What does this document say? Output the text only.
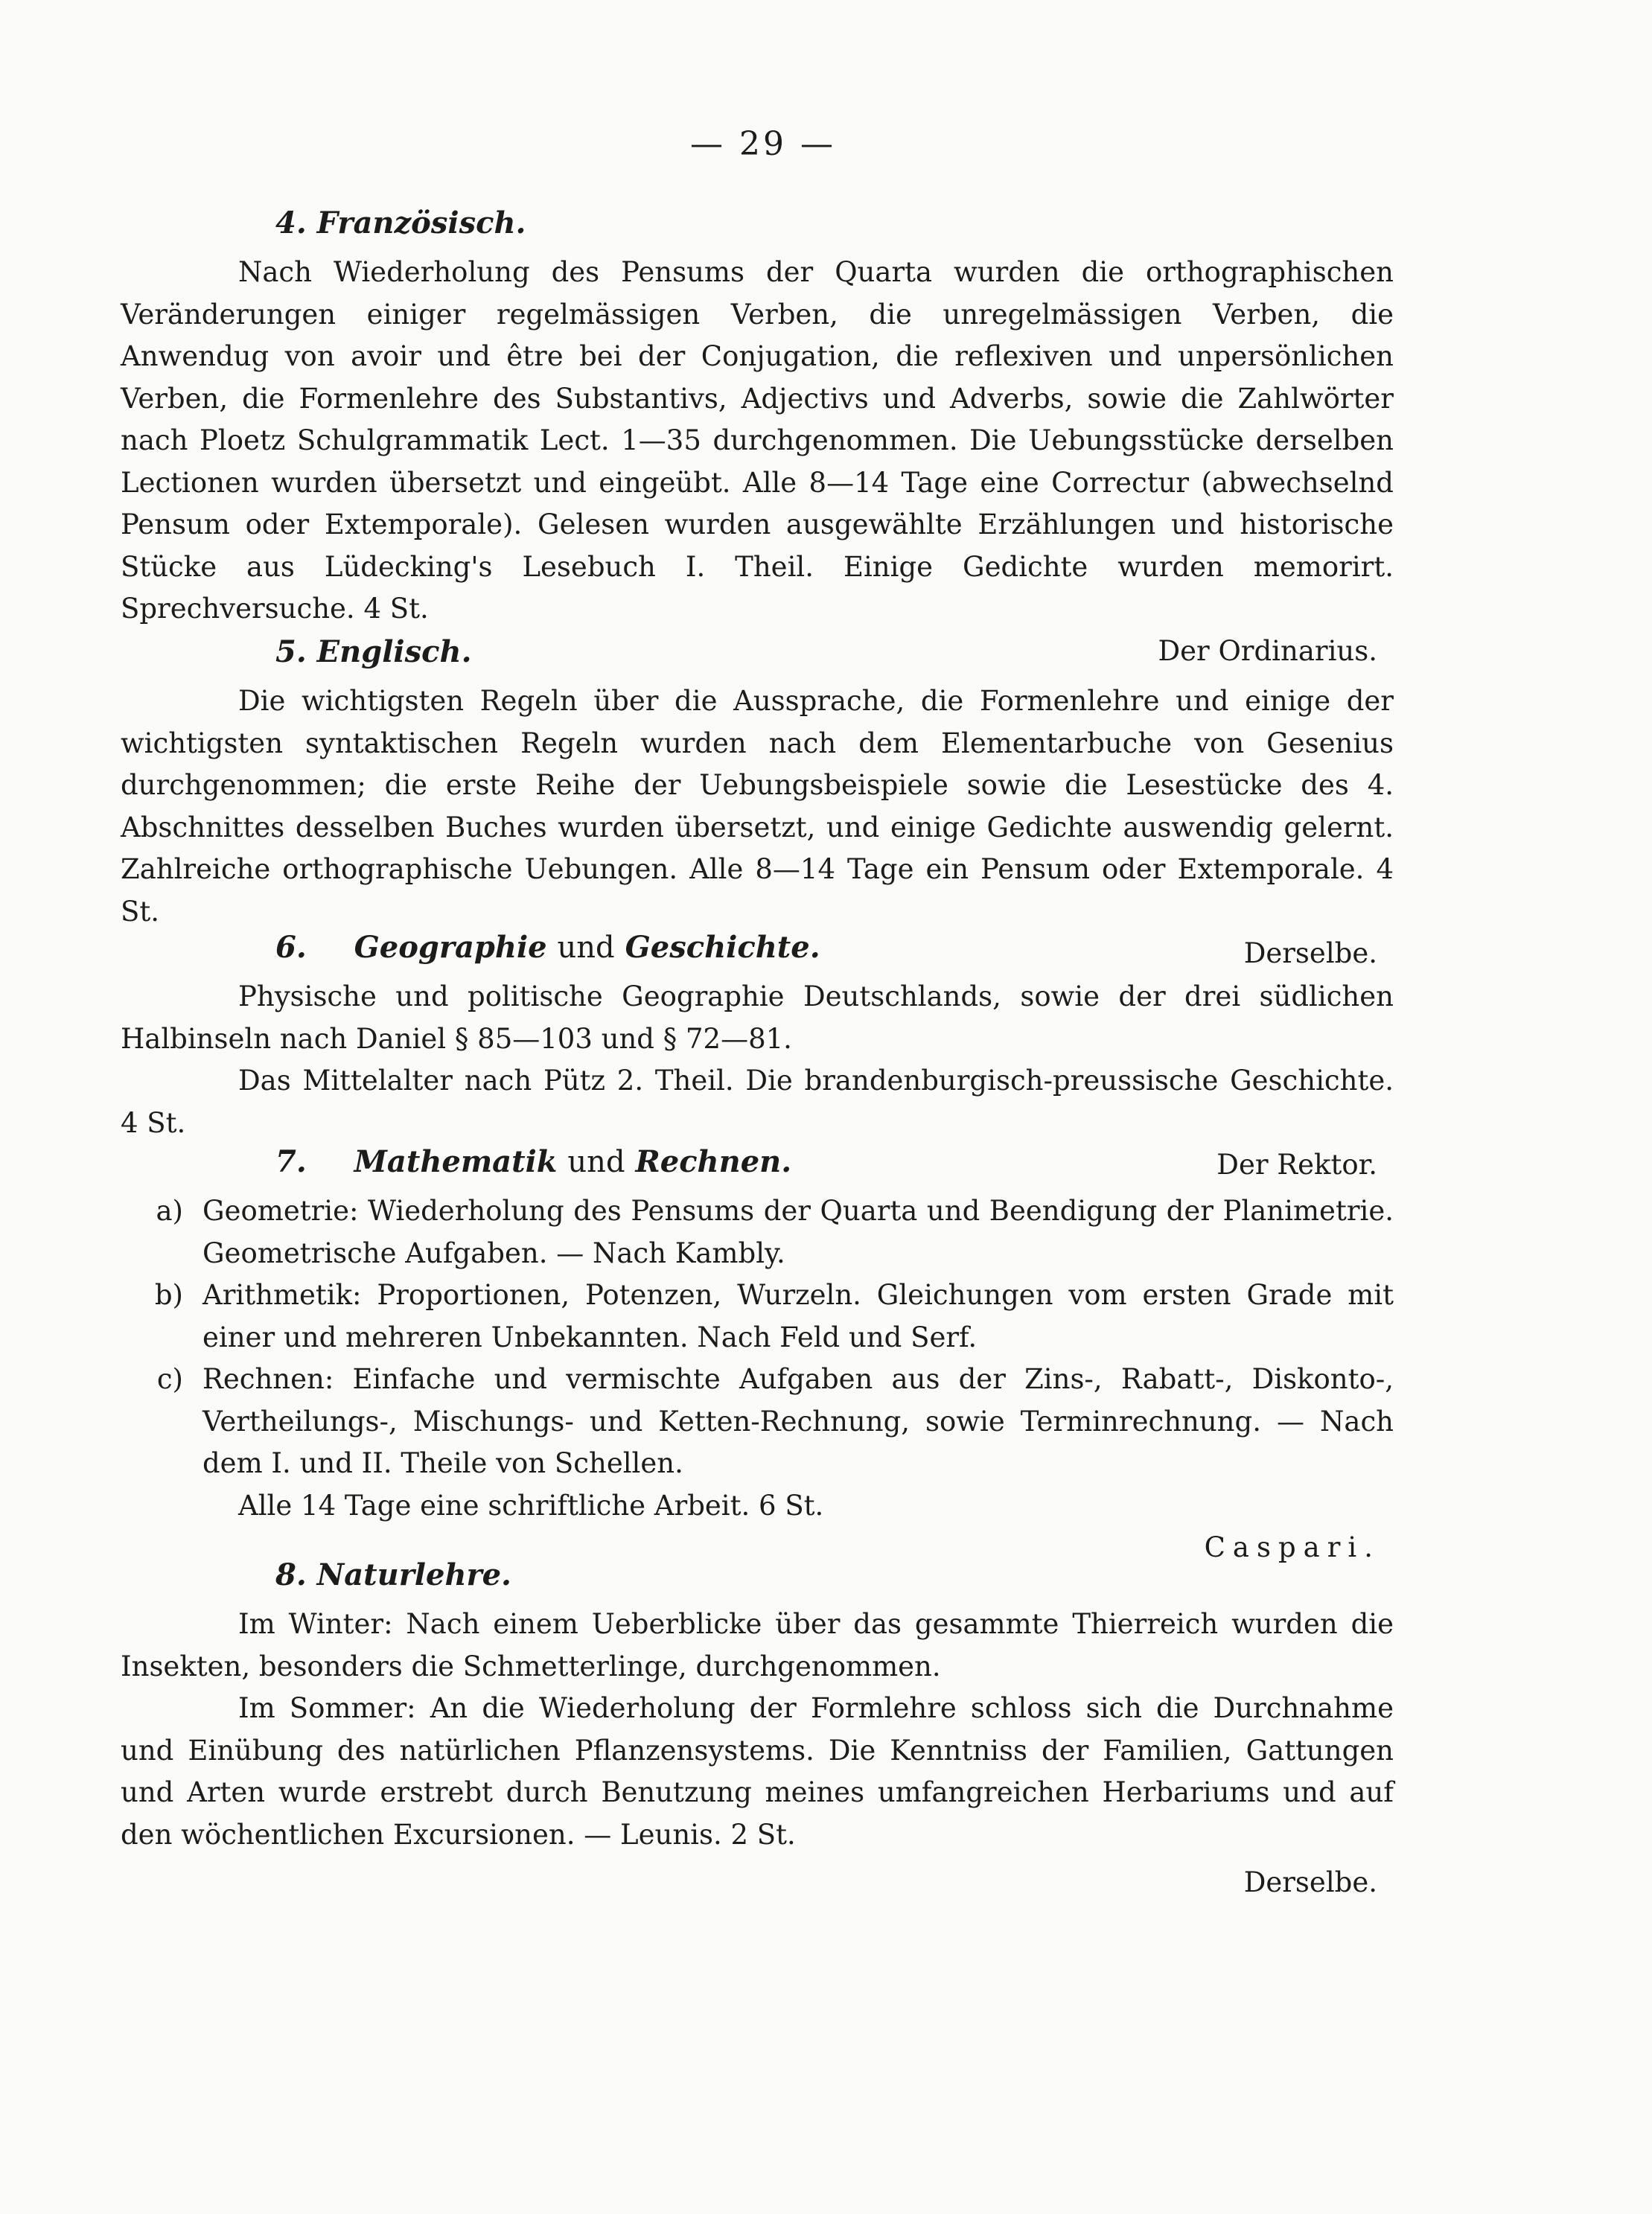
— 29 —
4. Französisch.

Nach Wiederholung des Pensums der Quarta wurden die orthographischen Veränderungen einiger regelmässigen Verben, die unregelmässigen Verben, die Anwendug von avoir und être bei der Conjugation, die reflexiven und unpersönlichen Verben, die Formenlehre des Substantivs, Adjectivs und Adverbs, sowie die Zahlwörter nach Ploetz Schulgrammatik Lect. 1—35 durchgenommen. Die Uebungsstücke derselben Lectionen wurden übersetzt und eingeübt. Alle 8—14 Tage eine Correctur (abwechselnd Pensum oder Extemporale). Gelesen wurden ausgewählte Erzählungen und historische Stücke aus Lüdecking's Lesebuch I. Theil. Einige Gedichte wurden memorirt. Sprechversuche. 4 St.

Der Ordinarius.

5. Englisch.

Die wichtigsten Regeln über die Aussprache, die Formenlehre und einige der wichtigsten syntaktischen Regeln wurden nach dem Elementarbuche von Gesenius durchgenommen; die erste Reihe der Uebungsbeispiele sowie die Lesestücke des 4. Abschnittes desselben Buches wurden übersetzt, und einige Gedichte auswendig gelernt. Zahlreiche orthographische Uebungen. Alle 8—14 Tage ein Pensum oder Extemporale. 4 St.

Derselbe.

6. Geographie und Geschichte.

Physische und politische Geographie Deutschlands, sowie der drei südlichen Halbinseln nach Daniel § 85—103 und § 72—81.

Das Mittelalter nach Pütz 2. Theil. Die brandenburgisch-preussische Geschichte. 4 St.

Der Rektor.

7. Mathematik und Rechnen.
a) Geometrie: Wiederholung des Pensums der Quarta und Beendigung der Planimetrie. Geometrische Aufgaben. — Nach Kambly.
b) Arithmetik: Proportionen, Potenzen, Wurzeln. Gleichungen vom ersten Grade mit einer und mehreren Unbekannten. Nach Feld und Serf.
c) Rechnen: Einfache und vermischte Aufgaben aus der Zins-, Rabatt-, Diskonto-, Vertheilungs-, Mischungs- und Ketten-Rechnung, sowie Terminrechnung. — Nach dem I. und II. Theile von Schellen.

Alle 14 Tage eine schriftliche Arbeit. 6 St.

Caspari.

8. Naturlehre.

Im Winter: Nach einem Ueberblicke über das gesammte Thierreich wurden die Insekten, besonders die Schmetterlinge, durchgenommen.

Im Sommer: An die Wiederholung der Formlehre schloss sich die Durchnahme und Einübung des natürlichen Pflanzensystems. Die Kenntniss der Familien, Gattungen und Arten wurde erstrebt durch Benutzung meines umfangreichen Herbariums und auf den wöchentlichen Excursionen. — Leunis. 2 St.

Derselbe.
